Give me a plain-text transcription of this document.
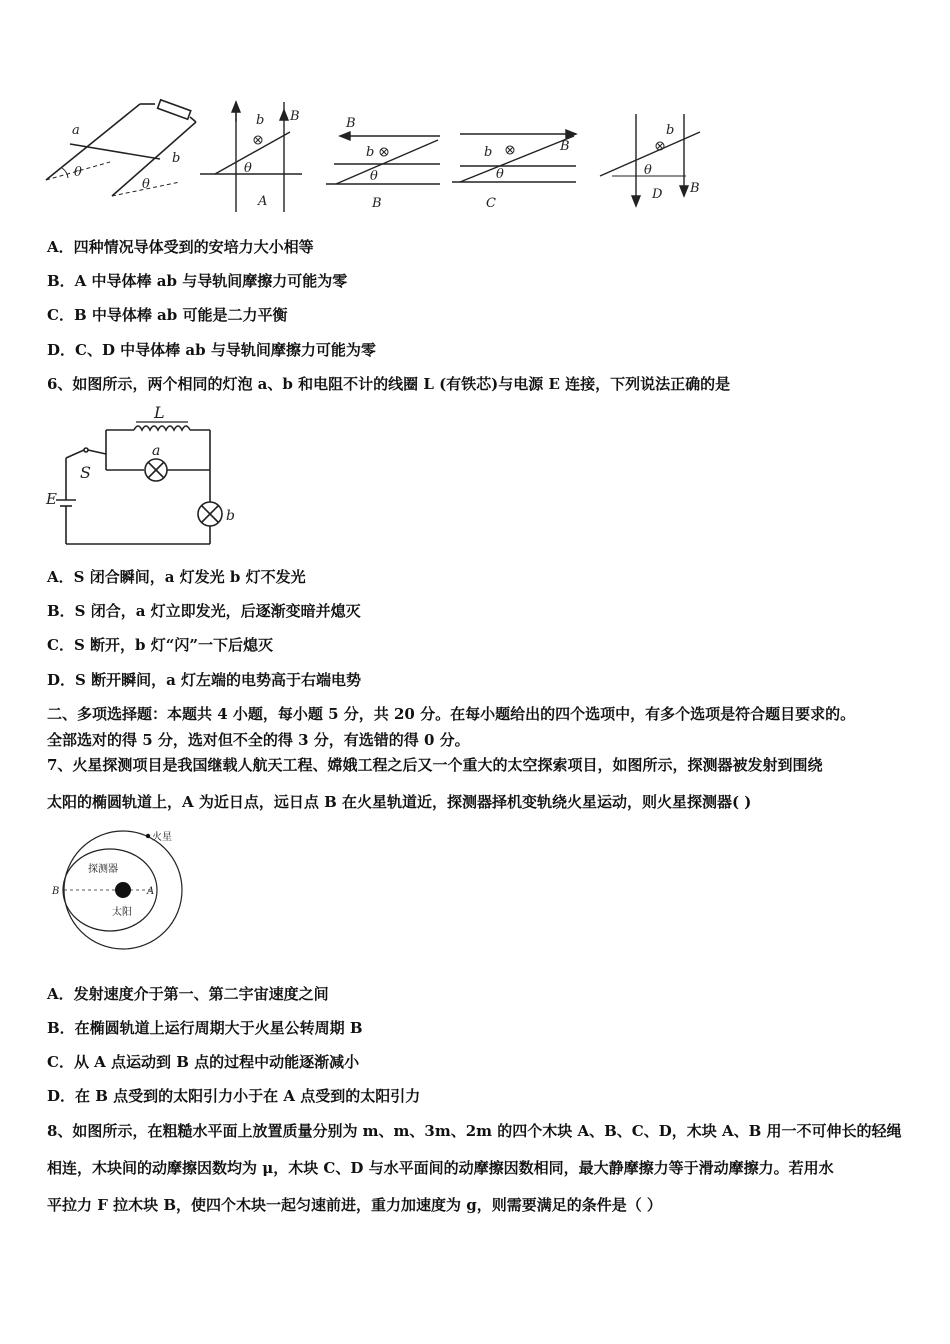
a
b
θ
θ
b B
θ
A
B
b
θ
B
b	B
θ
C
b
θ
D B
A．四种情况导体受到的安培力大小相等
B．A 中导体棒 ab 与导轨间摩擦力可能为零
C．B 中导体棒 ab 可能是二力平衡
D．C、D 中导体棒 ab 与导轨间摩擦力可能为零
6、如图所示，两个相同的灯泡 a、b 和电阻不计的线圈 L (有铁芯)与电源 E 连接，下列说法正确的是
L
S
E
a
b
A．S 闭合瞬间，a 灯发光 b 灯不发光
B．S 闭合，a 灯立即发光，后逐渐变暗并熄灭
C．S 断开，b 灯“闪”一下后熄灭
D．S 断开瞬间，a 灯左端的电势高于右端电势
二、多项选择题：本题共 4 小题，每小题 5 分，共 20 分。在每小题给出的四个选项中，有多个选项是符合题目要求的。
全部选对的得 5 分，选对但不全的得 3 分，有选错的得 0 分。
7、火星探测项目是我国继载人航天工程、嫦娥工程之后又一个重大的太空探索项目，如图所示，探测器被发射到围绕
太阳的椭圆轨道上，A 为近日点，远日点 B 在火星轨道近，探测器择机变轨绕火星运动，则火星探测器( )
火星
探测器
太阳
A
B
A．发射速度介于第一、第二宇宙速度之间
B．在椭圆轨道上运行周期大于火星公转周期 B
C．从 A 点运动到 B 点的过程中动能逐渐减小
D．在 B 点受到的太阳引力小于在 A 点受到的太阳引力
8、如图所示，在粗糙水平面上放置质量分别为 m、m、3m、2m 的四个木块 A、B、C、D，木块 A、B 用一不可伸长的轻绳
相连，木块间的动摩擦因数均为 μ，木块 C、D 与水平面间的动摩擦因数相同，最大静摩擦力等于滑动摩擦力。若用水
平拉力 F 拉木块 B，使四个木块一起匀速前进，重力加速度为 g，则需要满足的条件是（ ）
